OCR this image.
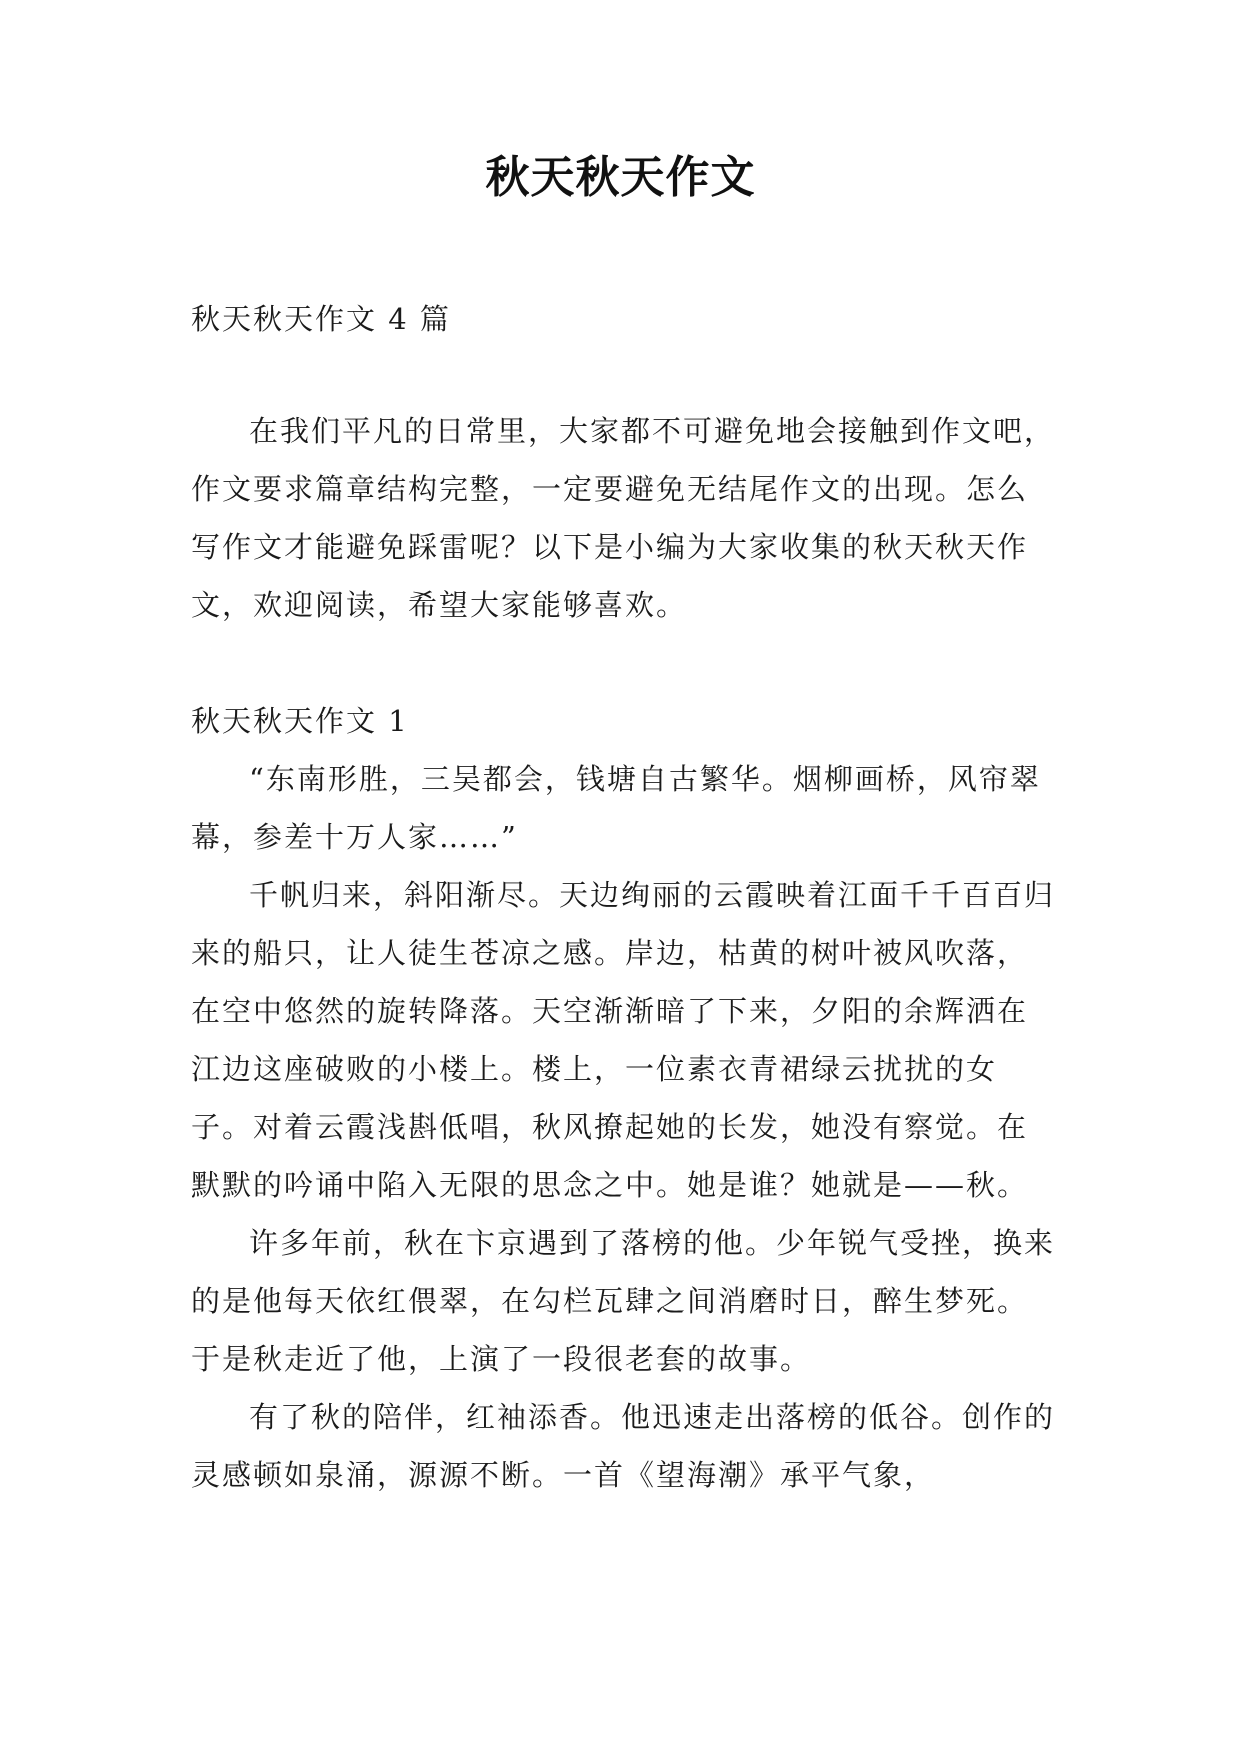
秋天秋天作文

秋天秋天作文 4 篇

在我们平凡的日常里，大家都不可避免地会接触到作文吧，作文要求篇章结构完整，一定要避免无结尾作文的出现。怎么写作文才能避免踩雷呢？以下是小编为大家收集的秋天秋天作文，欢迎阅读，希望大家能够喜欢。

秋天秋天作文 1

“东南形胜，三吴都会，钱塘自古繁华。烟柳画桥，风帘翠幕，参差十万人家……”

千帆归来，斜阳渐尽。天边绚丽的云霞映着江面千千百百归来的船只，让人徒生苍凉之感。岸边，枯黄的树叶被风吹落，在空中悠然的旋转降落。天空渐渐暗了下来，夕阳的余辉洒在江边这座破败的小楼上。楼上，一位素衣青裙绿云扰扰的女子。对着云霞浅斟低唱，秋风撩起她的长发，她没有察觉。在默默的吟诵中陷入无限的思念之中。她是谁？她就是——秋。

许多年前，秋在卞京遇到了落榜的他。少年锐气受挫，换来的是他每天依红偎翠，在勾栏瓦肆之间消磨时日，醉生梦死。于是秋走近了他，上演了一段很老套的故事。

有了秋的陪伴，红袖添香。他迅速走出落榜的低谷。创作的灵感顿如泉涌，源源不断。一首《望海潮》承平气象，
